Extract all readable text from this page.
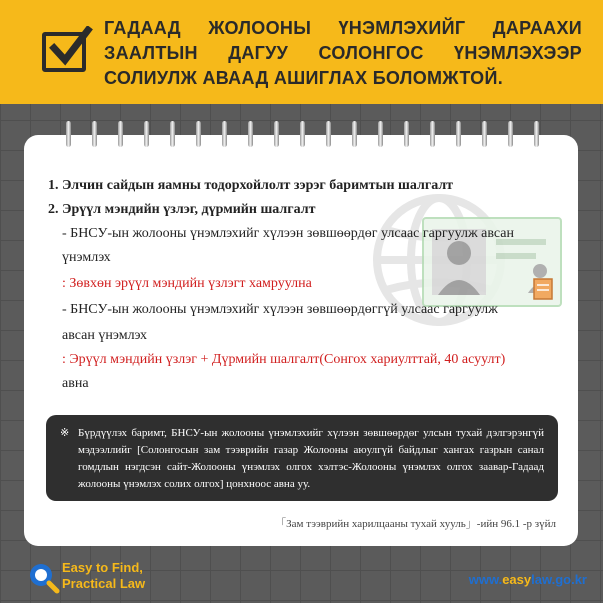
ГАДААД ЖОЛООНЫ ҮНЭМЛЭХИЙГ ДАРААХИ ЗААЛТЫН ДАГУУ СОЛОНГОС ҮНЭМЛЭХЭЭР СОЛИУЛЖ АВААД АШИГЛАХ БОЛОМЖТОЙ.
1. Элчин сайдын яамны тодорхойлолт зэрэг баримтын шалгалт
2. Эрүүл мэндийн үзлэг, дүрмийн шалгалт
- БНСУ-ын жолооны үнэмлэхийг хүлээн зөвшөөрдөг улсаас гаргуулж авсан
үнэмлэх
: Зөвхөн эрүүл мэндийн үзлэгт хамруулна
- БНСУ-ын жолооны үнэмлэхийг хүлээн зөвшөөрдөггүй улсаас гаргуулж
авсан үнэмлэх
: Эрүүл мэндийн үзлэг + Дүрмийн шалгалт(Сонгох хариулттай, 40 асуулт)
авна
※ Бүрдүүлэх баримт, БНСУ-ын жолооны үнэмлэхийг хүлээн зөвшөөрдөг улсын тухай дэлгэрэнгүй мэдээллийг [Солонгосын зам тээврийн газар Жолооны аюулгүй байдлыг хангах газрын санал гомдлын нэгдсэн сайт-Жолооны үнэмлэх олгох хэлтэс-Жолооны үнэмлэх олгох заавар-Гадаад жолооны үнэмлэх солих олгох] цонхноос авна уу.
「Зам тээврийн харилцааны тухай хууль」-ийн 96.1 -р зүйл
Easy to Find,
Practical Law	www.easylaw.go.kr
